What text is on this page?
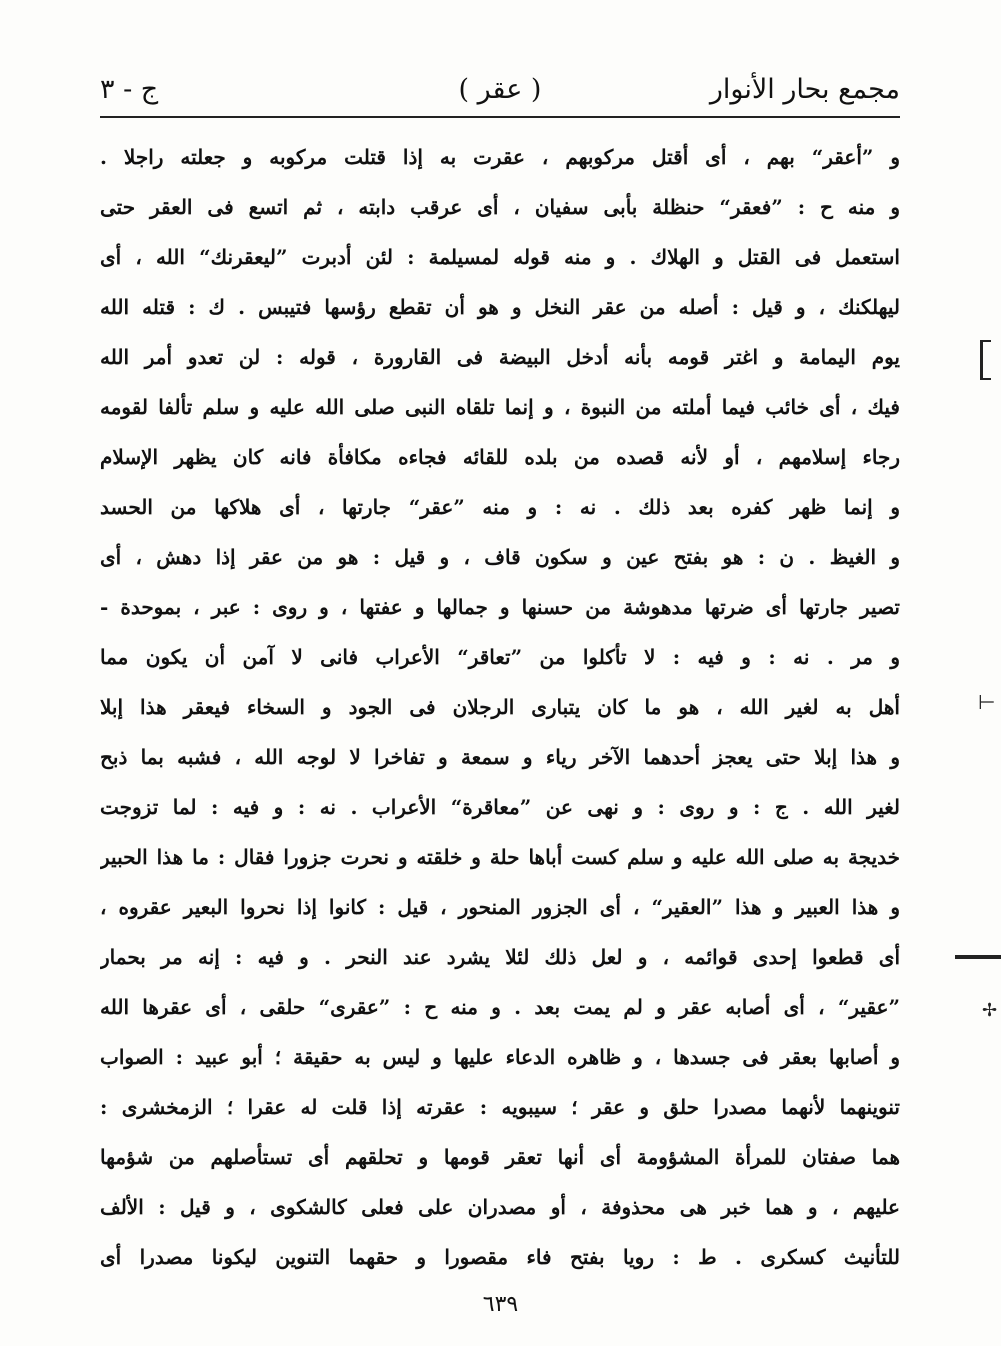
مجمع بحار الأنوار
( عقر )
ج - ٣
و ”أعقر“ بهم ، أى أقتل مركوبهم ، عقرت به إذا قتلت مركوبه و جعلته راجلا .
و منه ح : ”فعقر“ حنظلة بأبى سفيان ، أى عرقب دابته ، ثم اتسع فى العقر حتى
استعمل فى القتل و الهلاك . و منه قوله لمسيلمة : لئن أدبرت ”ليعقرنك“ الله ، أى
ليهلكنك ، و قيل : أصله من عقر النخل و هو أن تقطع رؤسها فتيبس . ك : قتله الله
يوم اليمامة و اغتر قومه بأنه أدخل البيضة فى القارورة ، قوله : لن تعدو أمر الله
فيك ، أى خائب فيما أملته من النبوة ، و إنما تلقاه النبى صلى الله عليه و سلم تألفا لقومه
رجاء إسلامهم ، أو لأنه قصده من بلده للقائه فجاءه مكافأة فانه كان يظهر الإسلام
و إنما ظهر كفره بعد ذلك . نه : و منه ”عقر“ جارتها ، أى هلاكها من الحسد
و الغيظ . ن : هو بفتح عين و سكون قاف ، و قيل : هو من عقر إذا دهش ، أى
تصير جارتها أى ضرتها مدهوشة من حسنها و جمالها و عفتها ، و روى : عبر ، بموحدة -
و مر . نه : و فيه : لا تأكلوا من ”تعاقر“ الأعراب فانى لا آمن أن يكون مما
أهل به لغير الله ، هو ما كان يتبارى الرجلان فى الجود و السخاء فيعقر هذا إبلا
و هذا إبلا حتى يعجز أحدهما الآخر رياء و سمعة و تفاخرا لا لوجه الله ، فشبه بما ذبح
لغير الله . ج : و روى : و نهى عن ”معاقرة“ الأعراب . نه : و فيه : لما تزوجت
خديجة به صلى الله عليه و سلم كست أباها حلة و خلقته و نحرت جزورا فقال : ما هذا الحبير
و هذا العبير و هذا ”العقير“ ، أى الجزور المنحور ، قيل : كانوا إذا نحروا البعير عقروه ،
أى قطعوا إحدى قوائمه ، و لعل ذلك لئلا يشرد عند النحر . و فيه : إنه مر بحمار
”عقير“ ، أى أصابه عقر و لم يمت بعد . و منه ح : ”عقرى“ حلقى ، أى عقرها الله
و أصابها بعقر فى جسدها ، و ظاهره الدعاء عليها و ليس به حقيقة ؛ أبو عبيد : الصواب
تنوينهما لأنهما مصدرا حلق و عقر ؛ سيبويه : عقرته إذا قلت له عقرا ؛ الزمخشرى :
هما صفتان للمرأة المشؤومة أى أنها تعقر قومها و تحلقهم أى تستأصلهم من شؤمها
عليهم ، و هما خبر هى محذوفة ، أو مصدران على فعلى كالشكوى ، و قيل : الألف
للتأنيث كسكرى . ط : رويا بفتح فاء مقصورا و حقهما التنوين ليكونا مصدرا أى
٦٣٩
⊢
✢
